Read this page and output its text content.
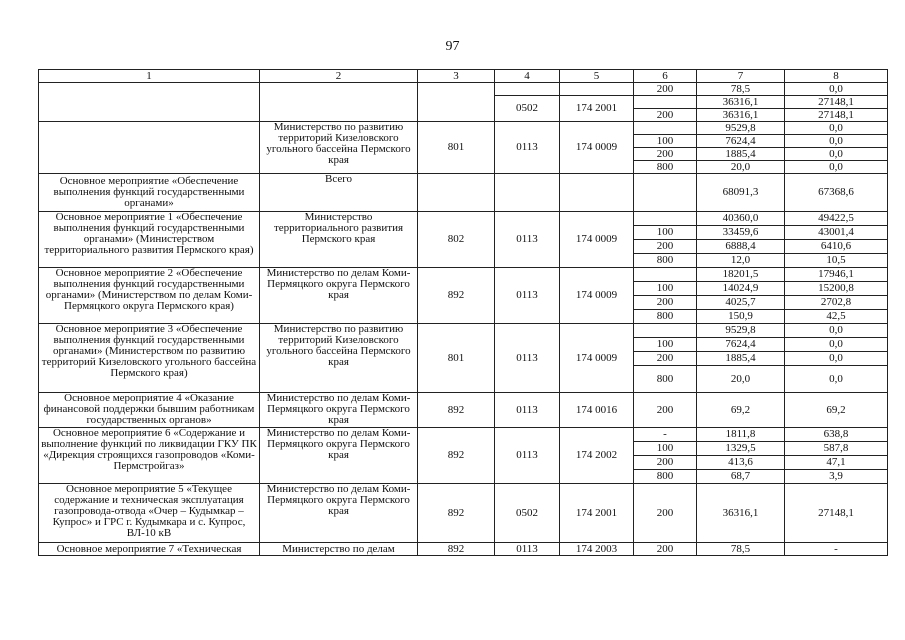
97
1	2	3	4	5	6	7	8
					200	78,5	0,0
			0502	174 2001		36316,1	27148,1
					200	36316,1	27148,1
	Министерство по развитию территорий Кизеловского угольного бассейна Пермского края	801	0113	174 0009		9529,8	0,0
					100	7624,4	0,0
					200	1885,4	0,0
					800	20,0	0,0
Основное мероприятие «Обеспечение выполнения функций государственными органами»	Всего					68091,3	67368,6
Основное мероприятие 1 «Обеспечение выполнения функций государственными органами» (Министерством территориального развития Пермского края)	Министерство территориального развития Пермского края	802	0113	174 0009		40360,0	49422,5
					100	33459,6	43001,4
					200	6888,4	6410,6
					800	12,0	10,5
Основное мероприятие 2 «Обеспечение выполнения функций государственными органами» (Министерством по делам Коми-Пермяцкого округа Пермского края)	Министерство по делам Коми-Пермяцкого округа Пермского края	892	0113	174 0009		18201,5	17946,1
					100	14024,9	15200,8
					200	4025,7	2702,8
					800	150,9	42,5
Основное мероприятие 3 «Обеспечение выполнения функций государственными органами» (Министерством по развитию территорий Кизеловского угольного бассейна Пермского края)	Министерство по развитию территорий Кизеловского угольного бассейна Пермского края	801	0113	174 0009		9529,8	0,0
					100	7624,4	0,0
					200	1885,4	0,0
					800	20,0	0,0
Основное мероприятие 4 «Оказание финансовой поддержки бывшим работникам государственных органов»	Министерство по делам Коми-Пермяцкого округа Пермского края	892	0113	174 0016	200	69,2	69,2
Основное мероприятие 6 «Содержание и выполнение функций по ликвидации ГКУ ПК «Дирекция строящихся газопроводов «Коми-Пермстройгаз»	Министерство по делам Коми-Пермяцкого округа Пермского края	892	0113	174 2002	-	1811,8	638,8
					100	1329,5	587,8
					200	413,6	47,1
					800	68,7	3,9
Основное мероприятие 5 «Текущее содержание и техническая эксплуатация газопровода-отвода «Очер – Кудымкар – Купрос» и ГРС г. Кудымкара и с. Купрос, ВЛ-10 кВ	Министерство по делам Коми-Пермяцкого округа Пермского края	892	0502	174 2001	200	36316,1	27148,1
Основное мероприятие 7 «Техническая	Министерство по делам	892	0113	174 2003	200	78,5	-
